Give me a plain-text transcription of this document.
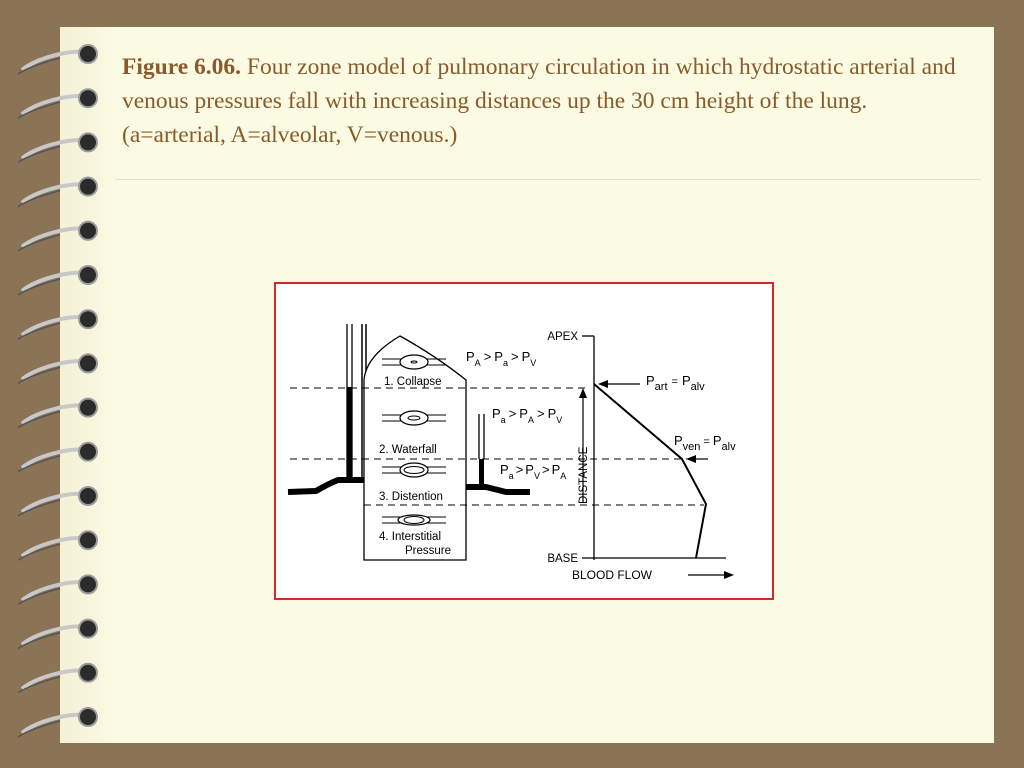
Figure 6.06. Four zone model of pulmonary circulation in which hydrostatic arterial and venous pressures fall with increasing distances up the 30 cm height of the lung. (a=arterial, A=alveolar, V=venous.)
1. Collapse
2. Waterfall
3. Distention
4. Interstitial
Pressure
$P_A > P_a > P_V$
$P_a > P_A > P_V$
$P_a > P_V > P_A$
APEX
BASE
DISTANCE
BLOOD FLOW
$P_{art}$ = $P_{alv}$
$P_{ven}$ = $P_{alv}$
